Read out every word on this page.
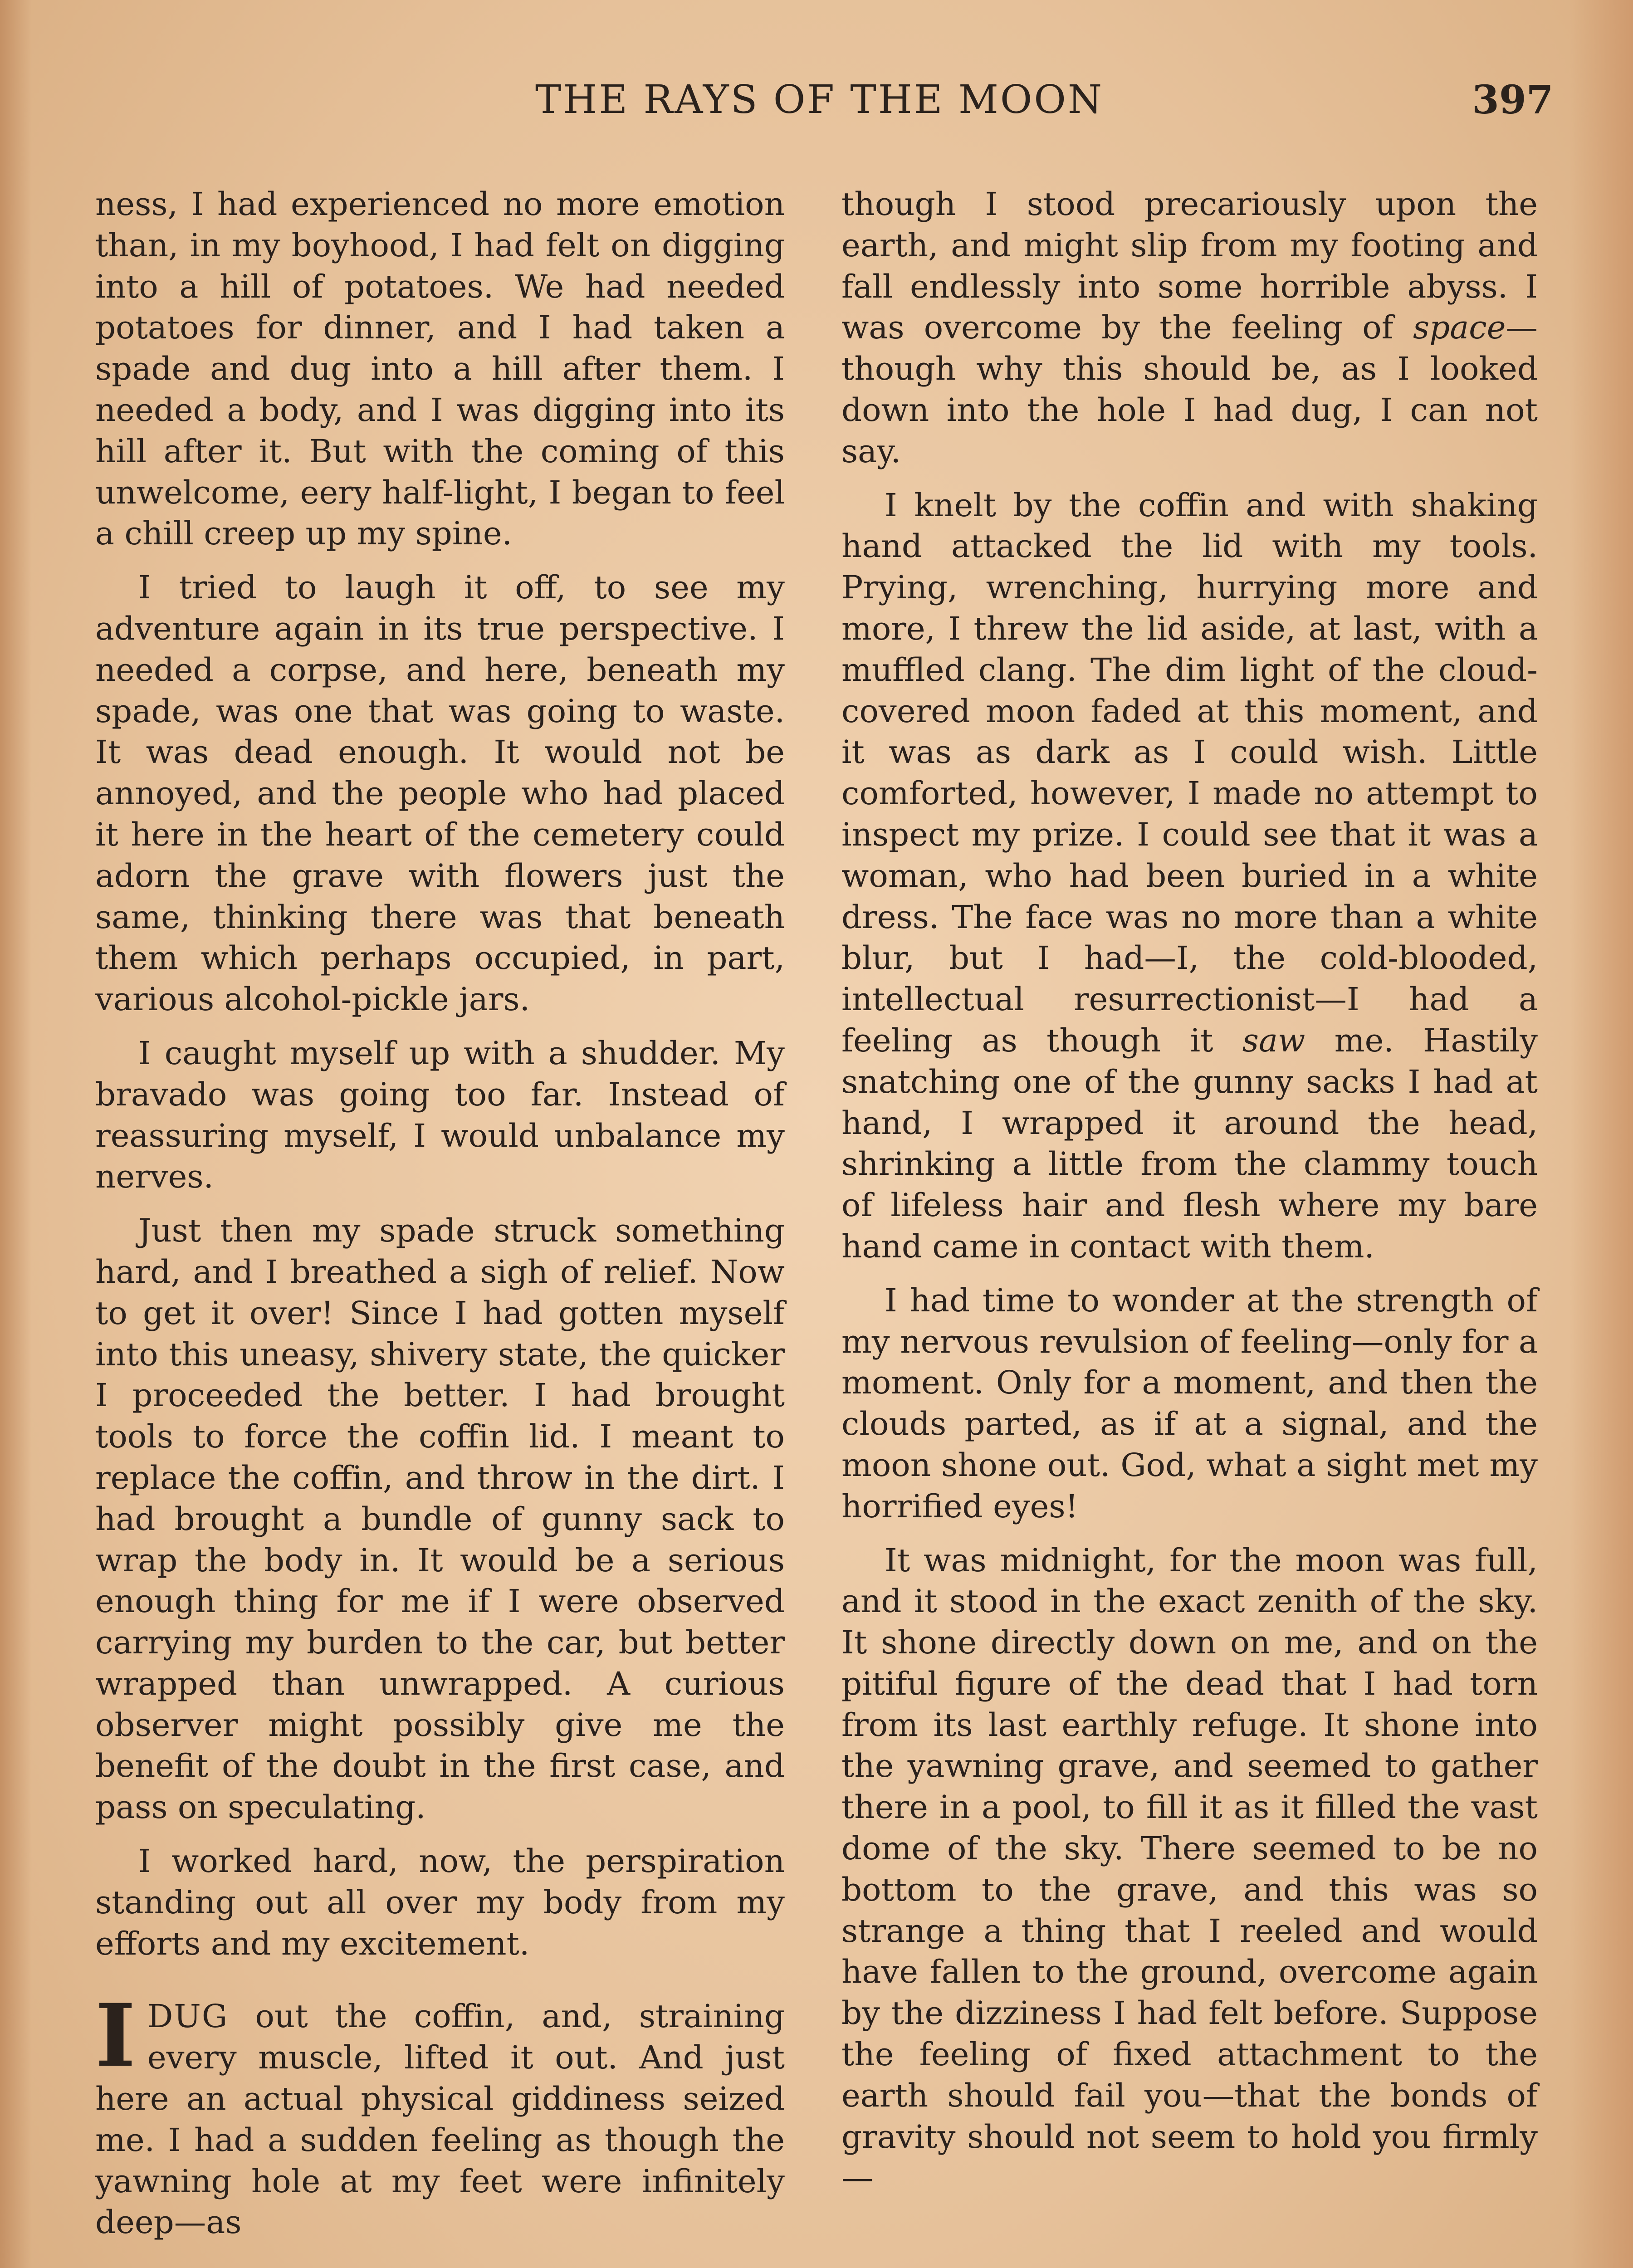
THE RAYS OF THE MOON	397

ness, I had experienced no more emotion than, in my boyhood, I had felt on digging into a hill of potatoes. We had needed potatoes for dinner, and I had taken a spade and dug into a hill after them. I needed a body, and I was digging into its hill after it. But with the coming of this unwelcome, eery half-light, I began to feel a chill creep up my spine.

I tried to laugh it off, to see my adventure again in its true perspective. I needed a corpse, and here, beneath my spade, was one that was going to waste. It was dead enough. It would not be annoyed, and the people who had placed it here in the heart of the cemetery could adorn the grave with flowers just the same, thinking there was that beneath them which perhaps occupied, in part, various alcohol-pickle jars.

I caught myself up with a shudder. My bravado was going too far. Instead of reassuring myself, I would unbalance my nerves.

Just then my spade struck something hard, and I breathed a sigh of relief. Now to get it over! Since I had gotten myself into this uneasy, shivery state, the quicker I proceeded the better. I had brought tools to force the coffin lid. I meant to replace the coffin, and throw in the dirt. I had brought a bundle of gunny sack to wrap the body in. It would be a serious enough thing for me if I were observed carrying my burden to the car, but better wrapped than unwrapped. A curious observer might possibly give me the benefit of the doubt in the first case, and pass on speculating.

I worked hard, now, the perspiration standing out all over my body from my efforts and my excitement.

IDUG out the coffin, and, straining every muscle, lifted it out. And just here an actual physical giddiness seized me. I had a sudden feeling as though the yawning hole at my feet were infinitely deep—as

though I stood precariously upon the earth, and might slip from my footing and fall endlessly into some horrible abyss. I was overcome by the feeling of space—though why this should be, as I looked down into the hole I had dug, I can not say.

I knelt by the coffin and with shaking hand attacked the lid with my tools. Prying, wrenching, hurrying more and more, I threw the lid aside, at last, with a muffled clang. The dim light of the cloud-covered moon faded at this moment, and it was as dark as I could wish. Little comforted, however, I made no attempt to inspect my prize. I could see that it was a woman, who had been buried in a white dress. The face was no more than a white blur, but I had—I, the cold-blooded, intellectual resurrectionist—I had a feeling as though it saw me. Hastily snatching one of the gunny sacks I had at hand, I wrapped it around the head, shrinking a little from the clammy touch of lifeless hair and flesh where my bare hand came in contact with them.

I had time to wonder at the strength of my nervous revulsion of feeling—only for a moment. Only for a moment, and then the clouds parted, as if at a signal, and the moon shone out. God, what a sight met my horrified eyes!

It was midnight, for the moon was full, and it stood in the exact zenith of the sky. It shone directly down on me, and on the pitiful figure of the dead that I had torn from its last earthly refuge. It shone into the yawning grave, and seemed to gather there in a pool, to fill it as it filled the vast dome of the sky. There seemed to be no bottom to the grave, and this was so strange a thing that I reeled and would have fallen to the ground, overcome again by the dizziness I had felt before. Suppose the feeling of fixed attachment to the earth should fail you—that the bonds of gravity should not seem to hold you firmly—
